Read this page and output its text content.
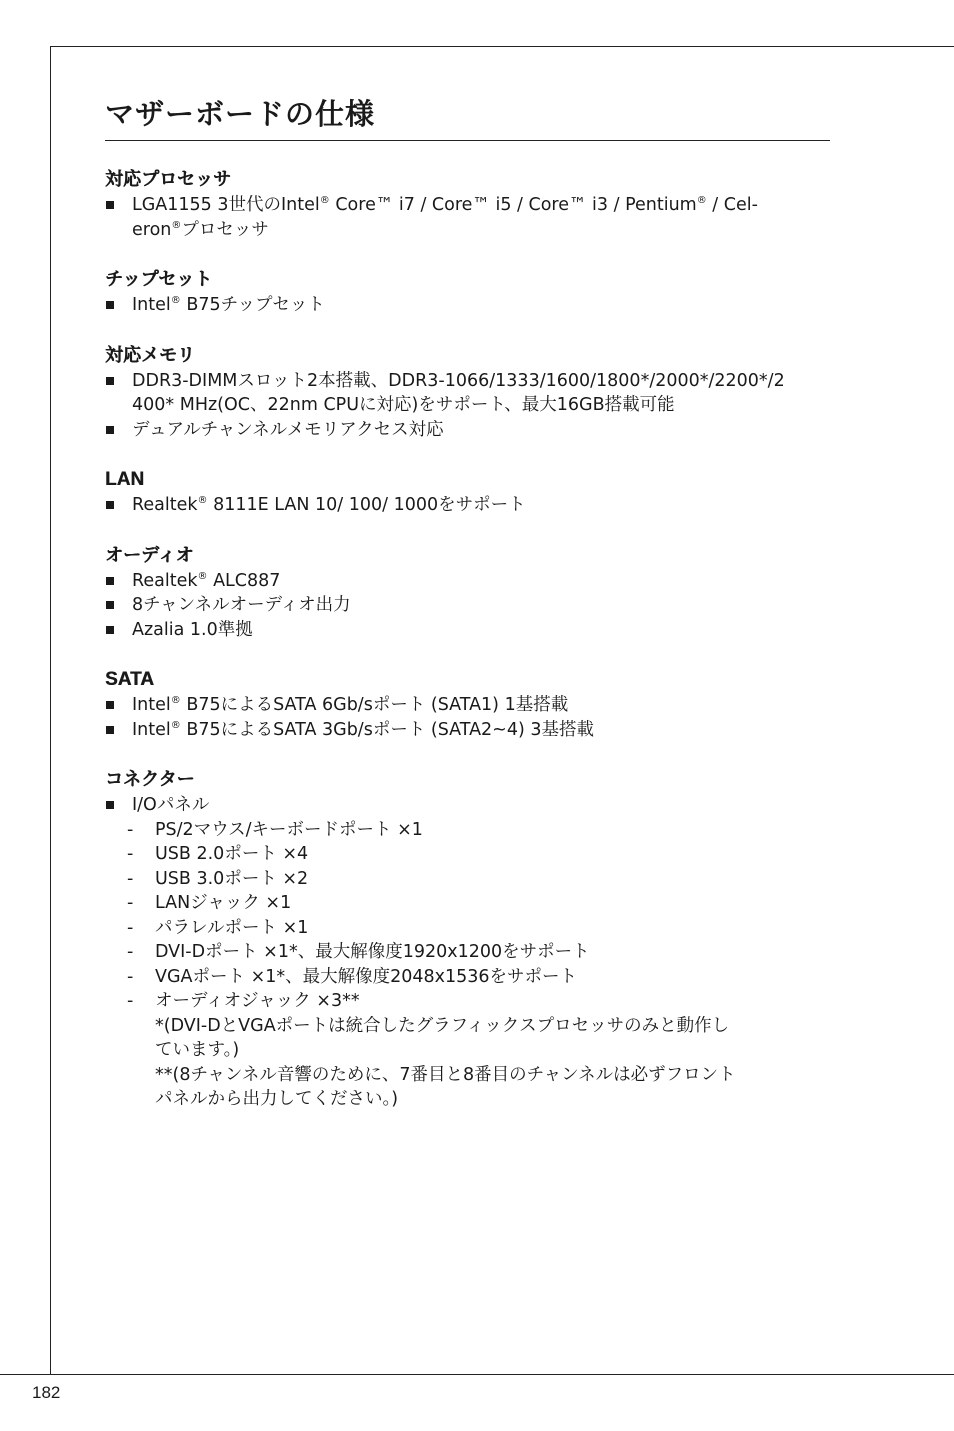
マザーボードの仕様
対応プロセッサ
LGA1155 3世代のIntel® Core™ i7 / Core™ i5 / Core™ i3 / Pentium® / Cel-
eron®プロセッサ
チップセット
Intel® B75チップセット
対応メモリ
DDR3-DIMMスロット2本搭載、DDR3-1066/1333/1600/1800*/2000*/2200*/2
400* MHz(OC、22nm CPUに対応)をサポート、最大16GB搭載可能
デュアルチャンネルメモリアクセス対応
LAN
Realtek® 8111E LAN 10/ 100/ 1000をサポート
オーディオ
Realtek® ALC887
8チャンネルオーディオ出力
Azalia 1.0準拠
SATA
Intel® B75によるSATA 6Gb/sポート (SATA1) 1基搭載
Intel® B75によるSATA 3Gb/sポート (SATA2~4) 3基搭載
コネクター
I/Oパネル
- PS/2マウス/キーボードポート ×1
- USB 2.0ポート ×4
- USB 3.0ポート ×2
- LANジャック ×1
- パラレルポート ×1
- DVI-Dポート ×1*、最大解像度1920x1200をサポート
- VGAポート ×1*、最大解像度2048x1536をサポート
- オーディオジャック ×3**
*(DVI-DとVGAポートは統合したグラフィックスプロセッサのみと動作し
ています。)
**(8チャンネル音響のために、7番目と8番目のチャンネルは必ずフロント
パネルから出力してください。)
182
